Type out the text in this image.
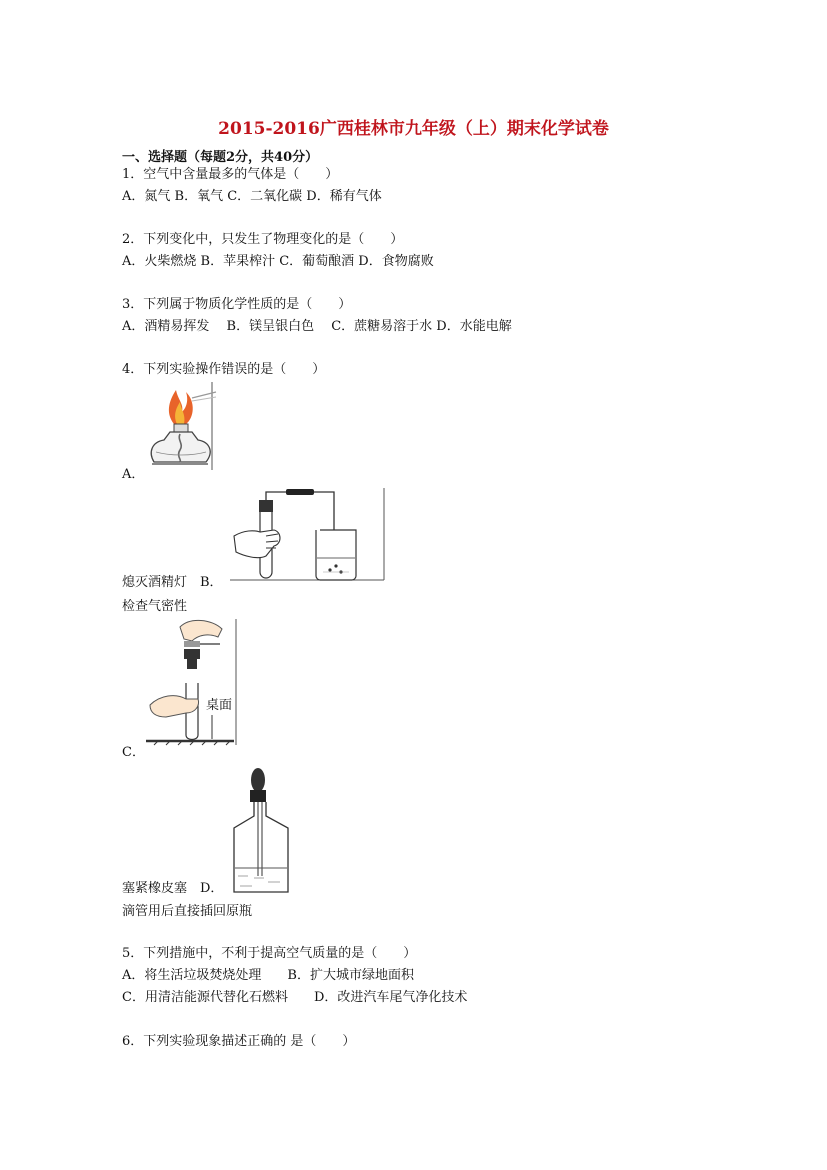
2015-2016广西桂林市九年级（上）期末化学试卷
一、选择题（每题2分，共40分）
1．空气中含量最多的气体是（　　）
A．氮气 B．氧气 C．二氧化碳 D．稀有气体
2．下列变化中，只发生了物理变化的是（　　）
A．火柴燃烧 B．苹果榨汁 C．葡萄酿酒 D．食物腐败
3．下列属于物质化学性质的是（　　）
A．酒精易挥发　 B．镁呈银白色　 C．蔗糖易溶于水 D．水能电解
4．下列实验操作错误的是（　　）
A．
熄灭酒精灯　B．
检查气密性
桌面
C．
塞紧橡皮塞　D．
滴管用后直接插回原瓶
5．下列措施中，不利于提高空气质量的是（　　）
A．将生活垃圾焚烧处理　　B．扩大城市绿地面积
C．用清洁能源代替化石燃料　　D．改进汽车尾气净化技术
6．下列实验现象描述正确的 是（　　）
